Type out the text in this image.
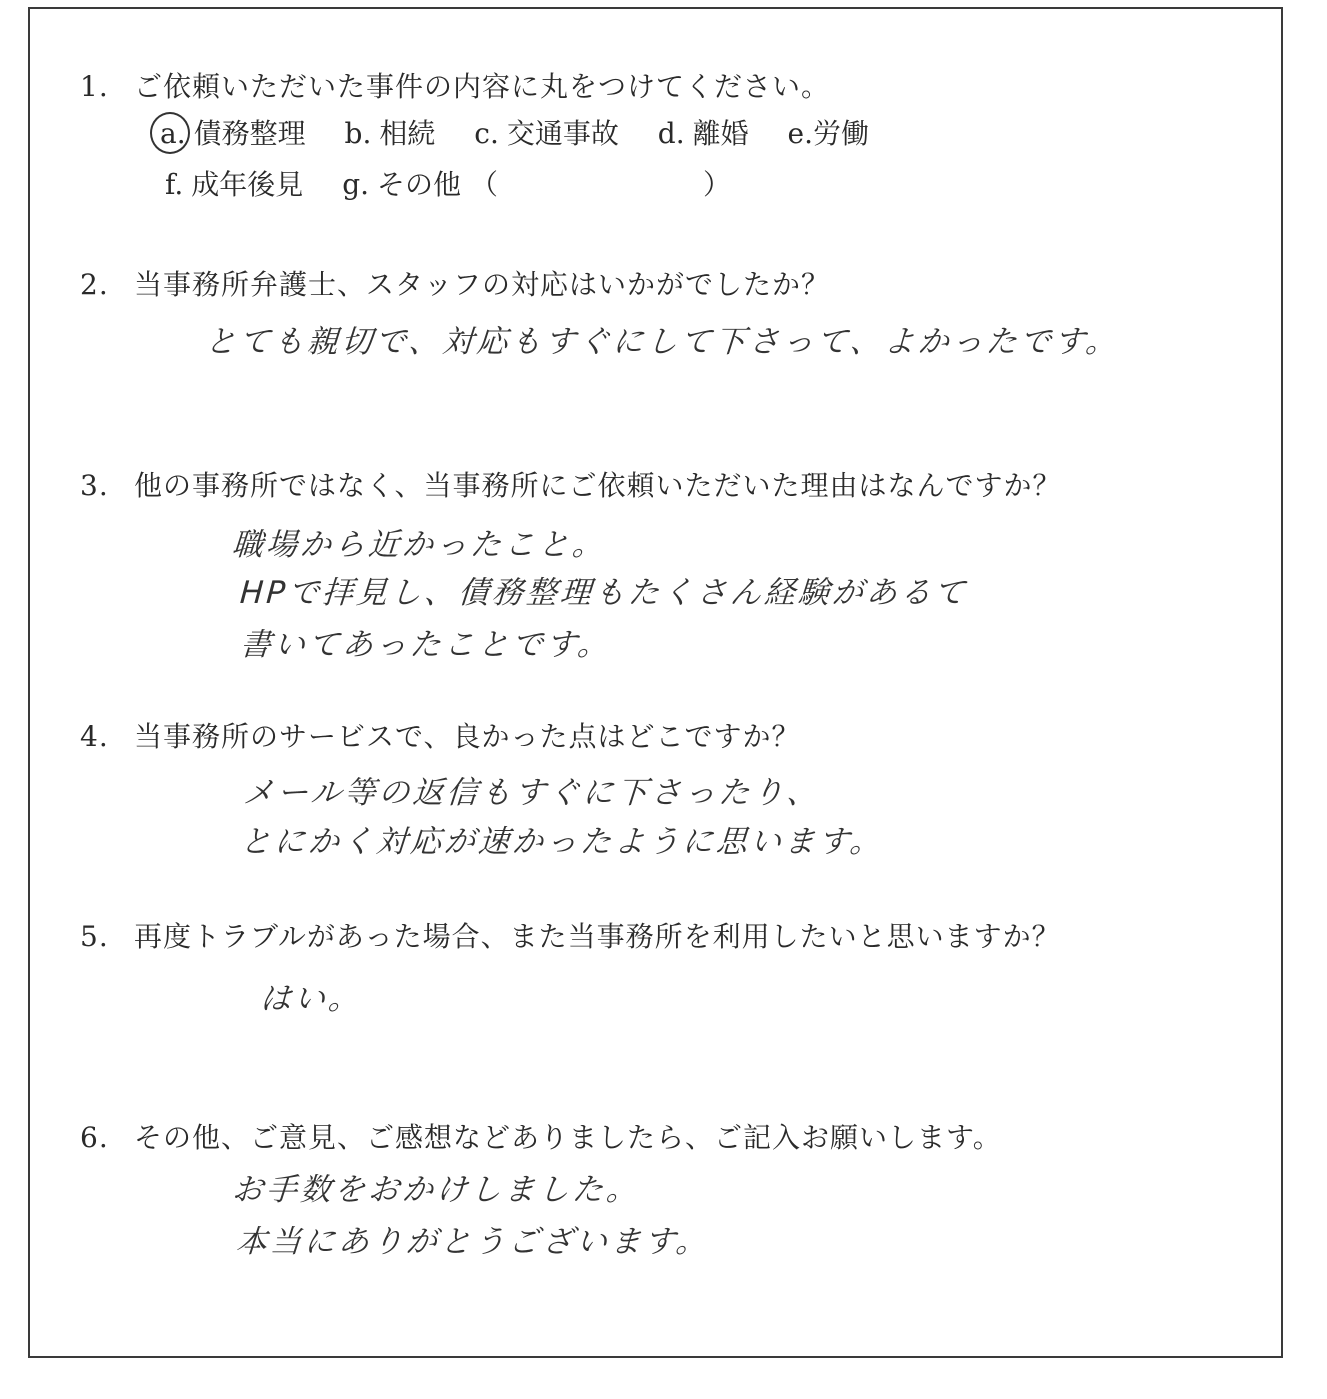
1. ご依頼いただいた事件の内容に丸をつけてください。
a. 債務整理 b. 相続 c. 交通事故 d. 離婚 e.労働
f. 成年後見 g. その他 （	）
2. 当事務所弁護士、スタッフの対応はいかがでしたか？
とても親切で、対応もすぐにして下さって、よかったです。
3. 他の事務所ではなく、当事務所にご依頼いただいた理由はなんですか？
職場から近かったこと。
HPで拝見し、債務整理もたくさん経験があるて
書いてあったことです。
4. 当事務所のサービスで、良かった点はどこですか？
メール等の返信もすぐに下さったり、
とにかく対応が速かったように思います。
5. 再度トラブルがあった場合、また当事務所を利用したいと思いますか？
はい。
6. その他、ご意見、ご感想などありましたら、ご記入お願いします。
お手数をおかけしました。
本当にありがとうございます。
